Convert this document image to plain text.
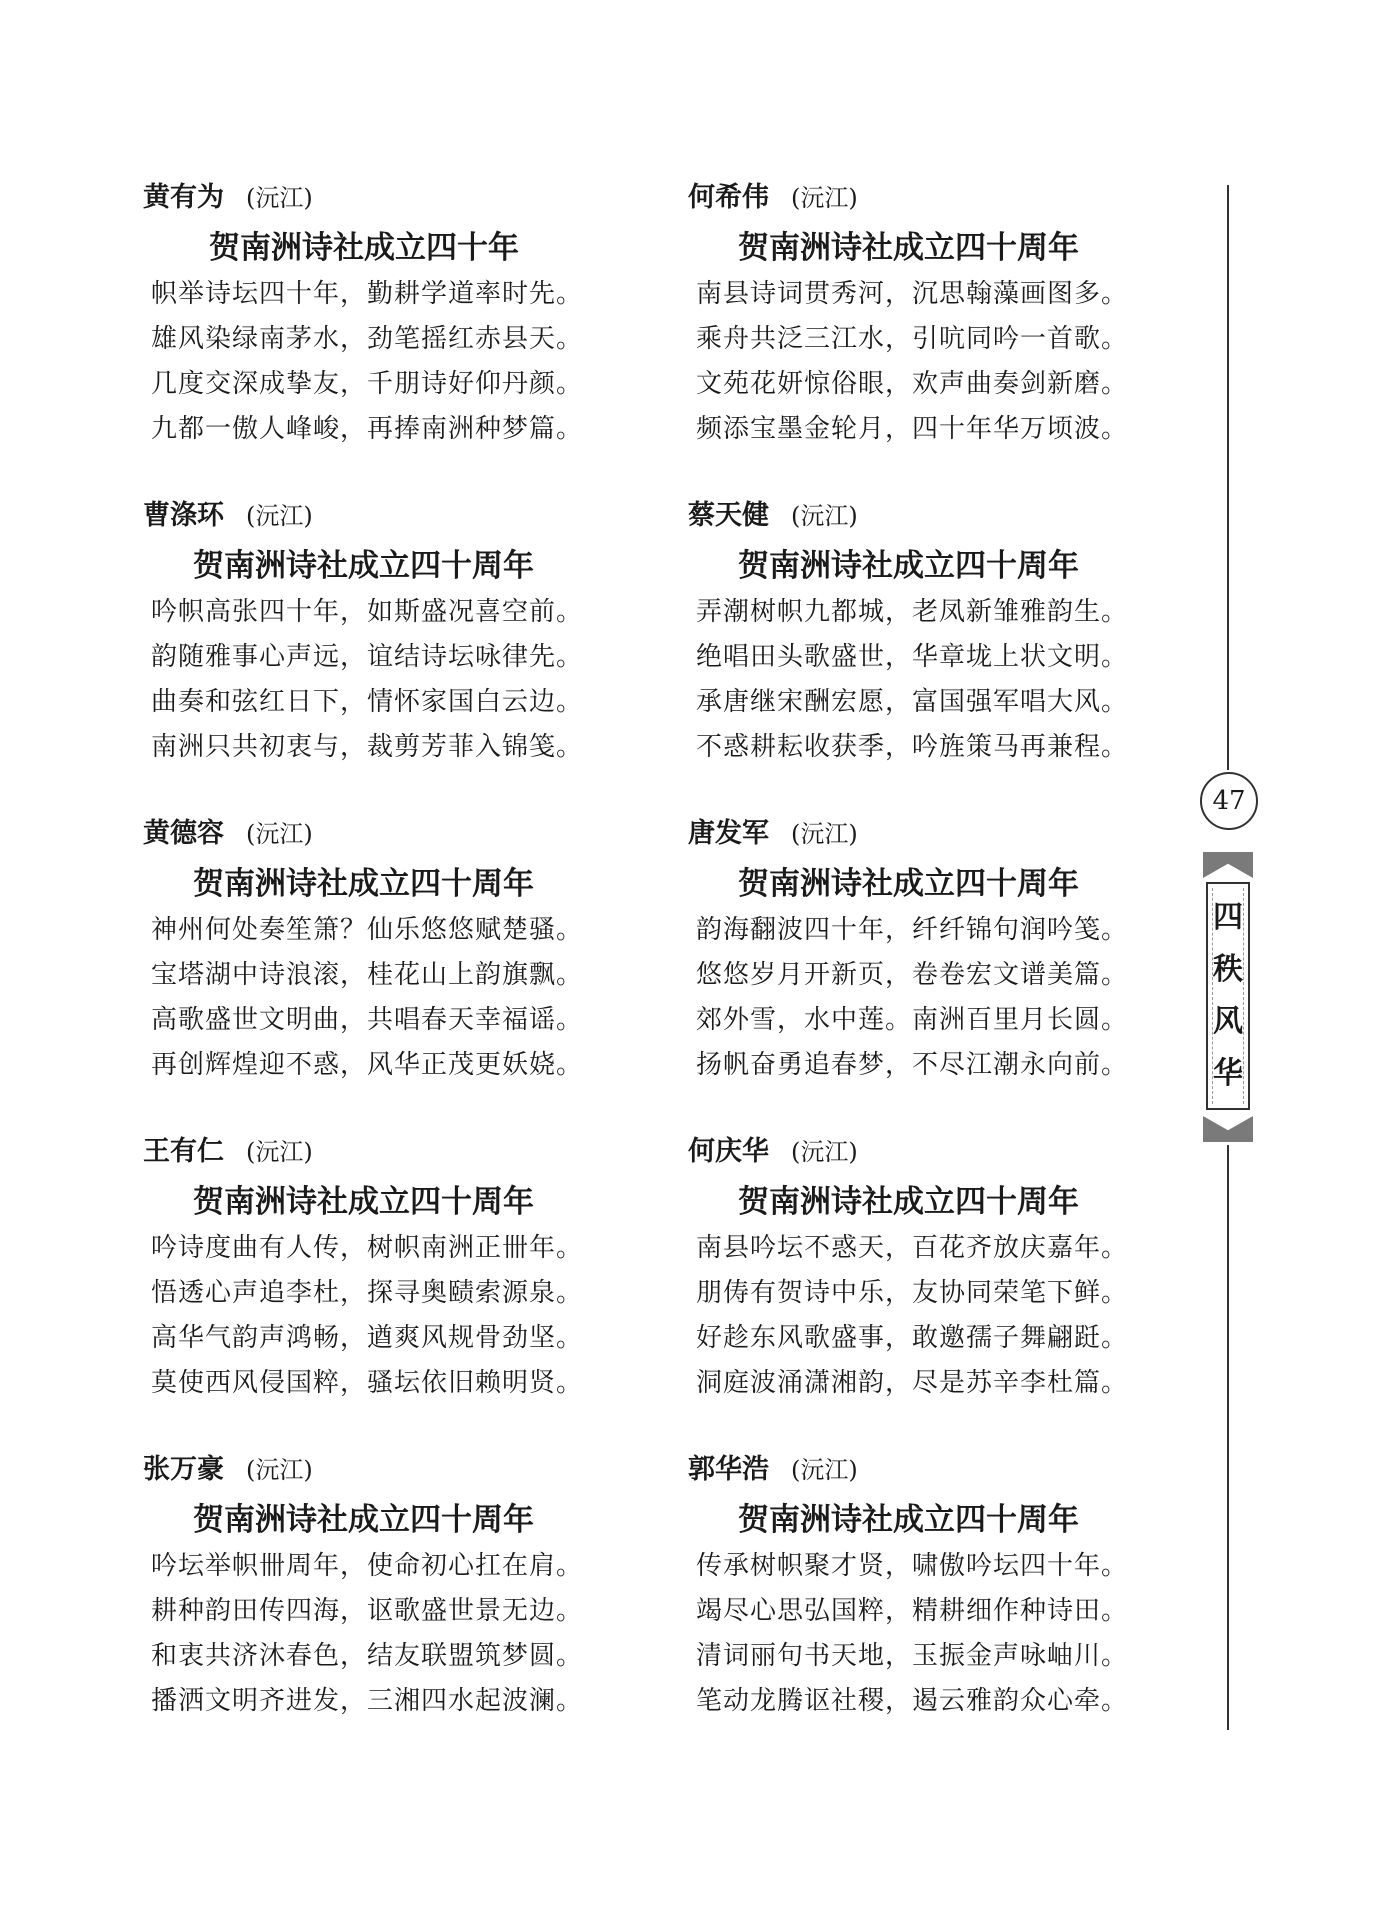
黄有为 (沅江)
贺南洲诗社成立四十年
帜举诗坛四十年，勤耕学道率时先。
雄风染绿南茅水，劲笔摇红赤县天。
几度交深成挚友，千朋诗好仰丹颜。
九都一傲人峰峻，再捧南洲种梦篇。
曹涤环 (沅江)
贺南洲诗社成立四十周年
吟帜高张四十年，如斯盛况喜空前。
韵随雅事心声远，谊结诗坛咏律先。
曲奏和弦红日下，情怀家国白云边。
南洲只共初衷与，裁剪芳菲入锦笺。
黄德容 (沅江)
贺南洲诗社成立四十周年
神州何处奏笙箫？仙乐悠悠赋楚骚。
宝塔湖中诗浪滚，桂花山上韵旗飘。
高歌盛世文明曲，共唱春天幸福谣。
再创辉煌迎不惑，风华正茂更妖娆。
王有仁 (沅江)
贺南洲诗社成立四十周年
吟诗度曲有人传，树帜南洲正卌年。
悟透心声追李杜，探寻奥赜索源泉。
高华气韵声鸿畅，遒爽风规骨劲坚。
莫使西风侵国粹，骚坛依旧赖明贤。
张万豪 (沅江)
贺南洲诗社成立四十周年
吟坛举帜卌周年，使命初心扛在肩。
耕种韵田传四海，讴歌盛世景无边。
和衷共济沐春色，结友联盟筑梦圆。
播洒文明齐进发，三湘四水起波澜。
何希伟 (沅江)
贺南洲诗社成立四十周年
南县诗词贯秀河，沉思翰藻画图多。
乘舟共泛三江水，引吭同吟一首歌。
文苑花妍惊俗眼，欢声曲奏剑新磨。
频添宝墨金轮月，四十年华万顷波。
蔡天健 (沅江)
贺南洲诗社成立四十周年
弄潮树帜九都城，老凤新雏雅韵生。
绝唱田头歌盛世，华章垅上状文明。
承唐继宋酬宏愿，富国强军唱大风。
不惑耕耘收获季，吟旌策马再兼程。
唐发军 (沅江)
贺南洲诗社成立四十周年
韵海翻波四十年，纤纤锦句润吟笺。
悠悠岁月开新页，卷卷宏文谱美篇。
郊外雪，水中莲。南洲百里月长圆。
扬帆奋勇追春梦，不尽江潮永向前。
何庆华 (沅江)
贺南洲诗社成立四十周年
南县吟坛不惑天，百花齐放庆嘉年。
朋俦有贺诗中乐，友协同荣笔下鲜。
好趁东风歌盛事，敢邀孺子舞翩跹。
洞庭波涌潇湘韵，尽是苏辛李杜篇。
郭华浩 (沅江)
贺南洲诗社成立四十周年
传承树帜聚才贤，啸傲吟坛四十年。
竭尽心思弘国粹，精耕细作种诗田。
清词丽句书天地，玉振金声咏岫川。
笔动龙腾讴社稷，遏云雅韵众心牵。
47
四
秩
风
华
